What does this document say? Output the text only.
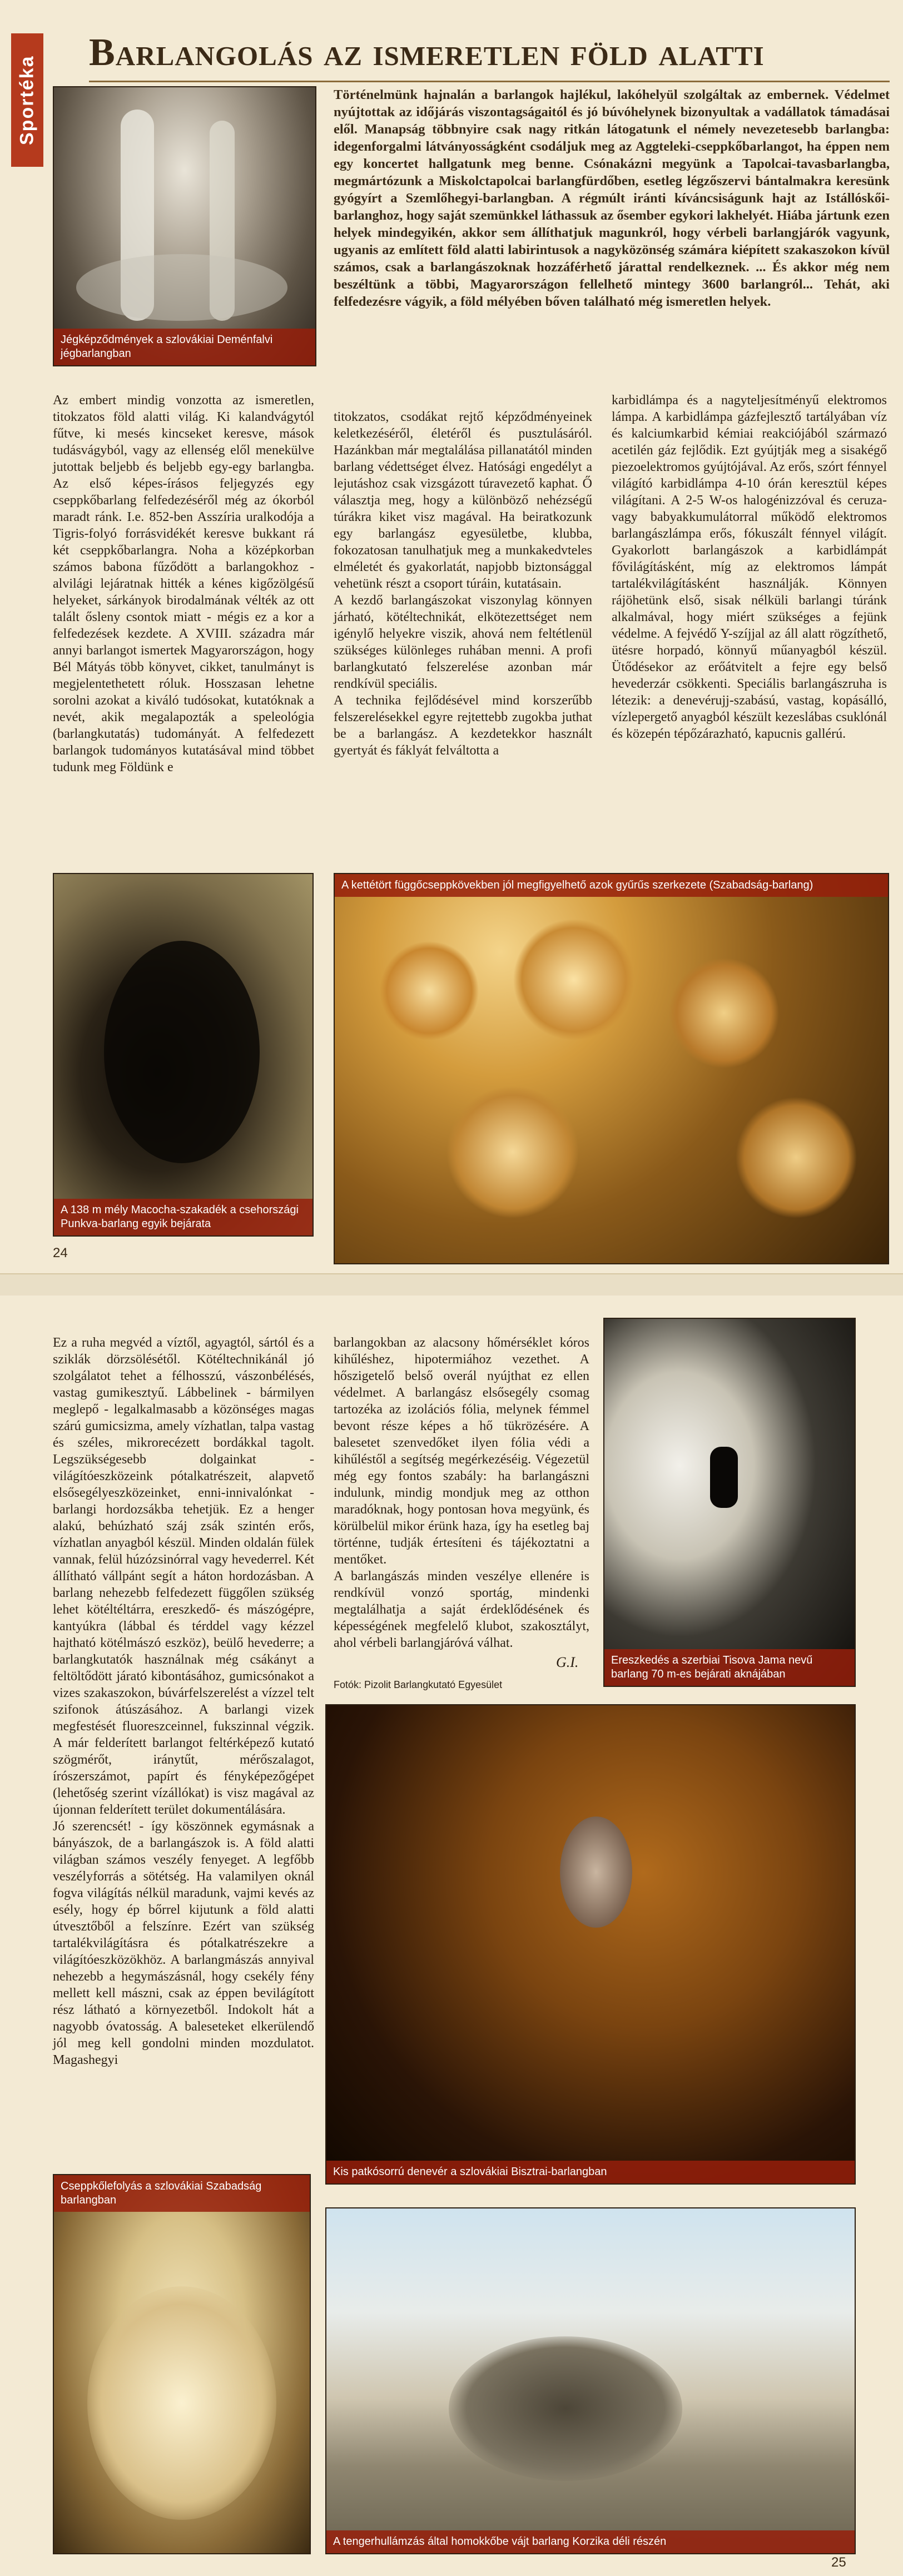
Sportéka
Barlangolás az ismeretlen föld alatti
Jégképződmények a szlovákiai Deménfalvi jégbarlangban
Történelmünk hajnalán a barlangok hajlékul, lakóhelyül szolgáltak az embernek. Védelmet nyújtottak az időjárás viszontagságaitól és jó búvóhelynek bizonyultak a vadállatok támadásai elől. Manapság többnyire csak nagy ritkán látogatunk el némely nevezetesebb barlangba: idegenforgalmi látványosságként csodáljuk meg az Aggteleki-cseppkőbarlangot, ha éppen nem egy koncertet hallgatunk meg benne. Csónakázni megyünk a Tapolcai-tavasbarlangba, megmártózunk a Miskolctapolcai barlangfürdőben, esetleg légzőszervi bántalmakra keresünk gyógyírt a Szemlőhegyi-barlangban. A régmúlt iránti kíváncsiságunk hajt az Istállóskői-barlanghoz, hogy saját szemünkkel láthassuk az ősember egykori lakhelyét. Hiába jártunk ezen helyek mindegyikén, akkor sem állíthatjuk magunkról, hogy vérbeli barlangjárók vagyunk, ugyanis az említett föld alatti labirintusok a nagyközönség számára kiépített szakaszokon kívül számos, csak a barlangászoknak hozzáférhető járattal rendelkeznek. ... És akkor még nem beszéltünk a többi, Magyarországon fellelhető mintegy 3600 barlangról... Tehát, aki felfedezésre vágyik, a föld mélyében bőven található még ismeretlen helyek.

Az embert mindig vonzotta az ismeretlen, titokzatos föld alatti világ. Ki kalandvágytól fűtve, ki mesés kincseket keresve, mások tudásvágyból, vagy az ellenség elől menekülve jutottak beljebb és beljebb egy-egy barlangba. Az első képes-írásos feljegyzés egy cseppkőbarlang felfedezéséről még az ókorból maradt ránk. I.e. 852-ben Asszíria uralkodója a Tigris-folyó forrásvidékét keresve bukkant rá két cseppkőbarlangra. Noha a középkorban számos babona fűződött a barlangokhoz - alvilági lejáratnak hitték a kénes kigőzölgésű helyeket, sárkányok birodalmának vélték az ott talált ősleny csontok miatt - mégis ez a kor a felfedezések kezdete. A XVIII. századra már annyi barlangot ismertek Magyarországon, hogy Bél Mátyás több könyvet, cikket, tanulmányt is megjelentethetett róluk. Hosszasan lehetne sorolni azokat a kiváló tudósokat, kutatóknak a nevét, akik megalapozták a speleológia (barlangkutatás) tudományát. A felfedezett barlangok tudományos kutatásával mind többet tudunk meg Földünk e

titokzatos, csodákat rejtő képződményeinek keletkezéséről, életéről és pusztulásáról. Hazánkban már megtalálása pillanatától minden barlang védettséget élvez. Hatósági engedélyt a lejutáshoz csak vizsgázott túravezető kaphat. Ő választja meg, hogy a különböző nehézségű túrákra kiket visz magával. Ha beiratkozunk egy barlangász egyesületbe, klubba, fokozatosan tanulhatjuk meg a munkakedvteles elméletét és gyakorlatát, napjobb biztonsággal vehetünk részt a csoport túráin, kutatásain.
A kezdő barlangászokat viszonylag könnyen járható, kötéltechnikát, elkötezettséget nem igénylő helyekre viszik, ahová nem feltétlenül szükséges különleges ruhában menni. A profi barlangkutató felszerelése azonban már rendkívül speciális.
A technika fejlődésével mind korszerűbb felszerelésekkel egyre rejtettebb zugokba juthat be a barlangász. A kezdetekkor használt gyertyát és fáklyát felváltotta a

karbidlámpa és a nagyteljesítményű elektromos lámpa. A karbidlámpa gázfejlesztő tartályában víz és kalciumkarbid kémiai reakciójából származó acetilén gáz fejlődik. Ezt gyújtják meg a sisakégő piezoelektromos gyújtójával. Az erős, szórt fénnyel világító karbidlámpa 4-10 órán keresztül képes világítani. A 2-5 W-os halogénizzóval és ceruza- vagy babyakkumulátorral működő elektromos barlangászlámpa erős, fókuszált fénnyel világít. Gyakorlott barlangászok a karbidlámpát fővilágításként, míg az elektromos lámpát tartalékvilágításként használják. Könnyen rájöhetünk első, sisak nélküli barlangi túránk alkalmával, hogy miért szükséges a fejünk védelme. A fejvédő Y-szíjjal az áll alatt rögzíthető, ütésre horpadó, könnyű műanyagból készül. Ütődésekor az erőátvitelt a fejre egy belső hevederzár csökkenti. Speciális barlangászruha is létezik: a denevérujj-szabású, vastag, kopásálló, vízlepergető anyagból készült kezeslábas csuklónál és közepén tépőzárazható, kapucnis gallérú.

A 138 m mély Macocha-szakadék a csehországi Punkva-barlang egyik bejárata
A kettétört függőcseppkövekben jól megfigyelhető azok gyűrűs szerkezete (Szabadság-barlang)
24

Ez a ruha megvéd a víztől, agyagtól, sártól és a sziklák dörzsölésétől. Kötéltechnikánál jó szolgálatot tehet a félhosszú, vászonbélésés, vastag gumikesztyű. Lábbelinek - bármilyen meglepő - legalkalmasabb a közönséges magas szárú gumicsizma, amely vízhatlan, talpa vastag és széles, mikrorecézett bordákkal tagolt. Legszükségesebb dolgainkat - világítóeszközeink pótalkatrészeit, alapvető elsősegélyeszközeinket, enni-innivalónkat - barlangi hordozsákba tehetjük. Ez a henger alakú, behúzható száj zsák szintén erős, vízhatlan anyagból készül. Minden oldalán fülek vannak, felül húzózsinórral vagy hevederrel. Két állítható vállpánt segít a háton hordozásban. A barlang nehezebb felfedezett függőlen szükség lehet kötéltéltárra, ereszkedő- és mászógépre, kantyúkra (lábbal és térddel vagy kézzel hajtható kötélmászó eszköz), beülő hevederre; a barlangkutatók használnak még csákányt a feltöltődött járató kibontásához, gumicsónakot a vizes szakaszokon, búvárfelszerelést a vízzel telt szifonok átúszásához. A barlangi vizek megfestését fluoreszceinnel, fukszinnal végzik. A már felderített barlangot feltérképező kutató szögmérőt, iránytűt, mérőszalagot, írószerszámot, papírt és fényképezőgépet (lehetőség szerint vízállókat) is visz magával az újonnan felderített terület dokumentálására.
Jó szerencsét! - így köszönnek egymásnak a bányászok, de a barlangászok is. A föld alatti világban számos veszély fenyeget. A legfőbb veszélyforrás a sötétség. Ha valamilyen oknál fogva világítás nélkül maradunk, vajmi kevés az esély, hogy ép bőrrel kijutunk a föld alatti útvesztőből a felszínre. Ezért van szükség tartalékvilágításra és pótalkatrészekre a világítóeszközökhöz. A barlangmászás annyival nehezebb a hegymászásnál, hogy csekély fény mellett kell mászni, csak az éppen bevilágított rész látható a környezetből. Indokolt hát a nagyobb óvatosság. A baleseteket elkerülendő jól meg kell gondolni minden mozdulatot. Magashegyi

barlangokban az alacsony hőmérséklet kóros kihűléshez, hipotermiához vezethet. A hőszigetelő belső overál nyújthat ez ellen védelmet. A barlangász elsősegély csomag tartozéka az izolációs fólia, melynek fémmel bevont része képes a hő tükrözésére. A balesetet szenvedőket ilyen fólia védi a kihűléstől a segítség megérkezéséig. Végezetül még egy fontos szabály: ha barlangászni indulunk, mindig mondjuk meg az otthon maradóknak, hogy pontosan hova megyünk, és körülbelül mikor érünk haza, így ha esetleg baj történne, tudják értesíteni és tájékoztatni a mentőket.
A barlangászás minden veszélye ellenére is rendkívül vonzó sportág, mindenki megtalálhatja a saját érdeklődésének és képességének megfelelő klubot, szakosztályt, ahol vérbeli barlangjáróvá válhat.

G.I.
Fotók: Pizolit Barlangkutató Egyesület
Ereszkedés a szerbiai Tisova Jama nevű barlang 70 m-es bejárati aknájában
Kis patkósorrú denevér a szlovákiai Bisztrai-barlangban
Cseppkőlefolyás a szlovákiai Szabadság barlangban
A tengerhullámzás által homokkőbe vájt barlang Korzika déli részén
25
